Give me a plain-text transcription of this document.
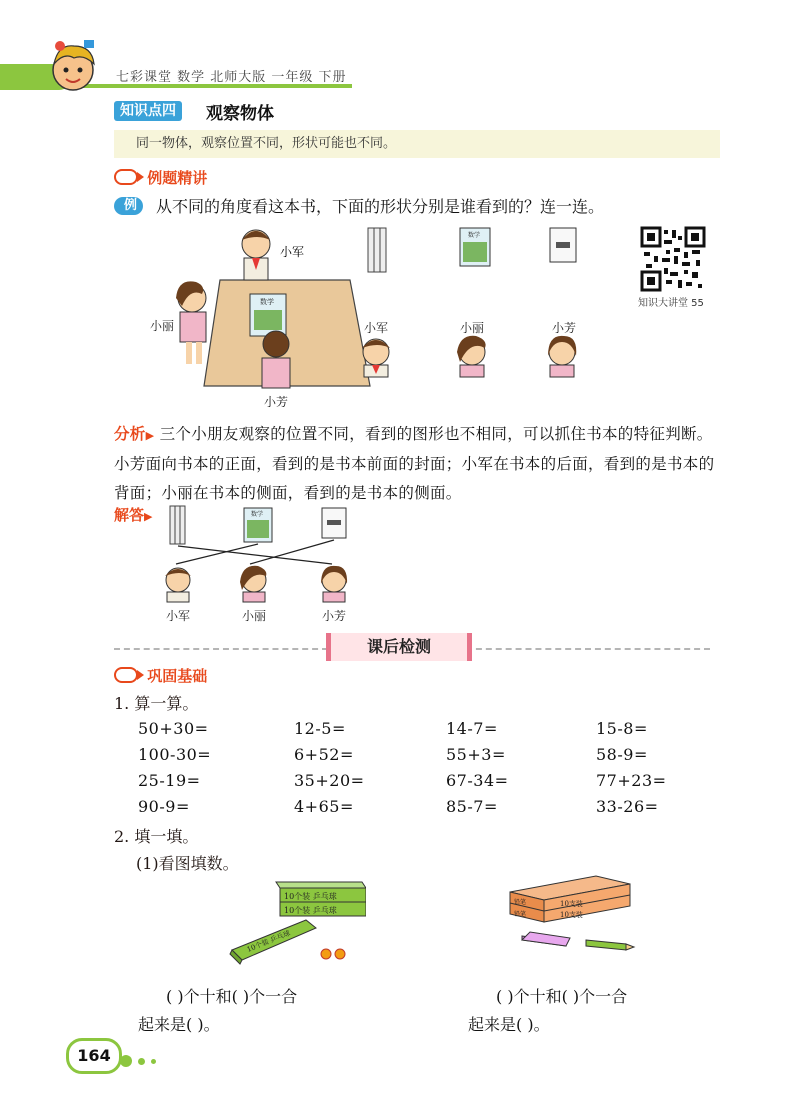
七彩课堂 数学 北师大版 一年级 下册
知识点四	观察物体
同一物体，观察位置不同，形状可能也不同。
例题精讲
例	从不同的角度看这本书，下面的形状分别是谁看到的？连一连。
数学
小军
小丽
小芳
数学
小军	小丽	小芳
知识大讲堂 55
分析▶ 三个小朋友观察的位置不同，看到的图形也不相同，可以抓住书本的特征判断。小芳面向书本的正面，看到的是书本前面的封面；小军在书本的后面，看到的是书本的背面；小丽在书本的侧面，看到的是书本的侧面。
解答▶	数学
小军	小丽	小芳
课后检测
巩固基础
1. 算一算。
50+30=	12-5=	14-7=	15-8=
100-30=	6+52=	55+3=	58-9=
25-19=	35+20=	67-34=	77+23=
90-9=	4+65=	85-7=	33-26=
2. 填一填。
(1)看图填数。
10个装 乒乓球
10个装 乒乓球
10个装 乒乓球
铅笔
铅笔
10支装
10支装
( )个十和( )个一合
起来是( )。
( )个十和( )个一合
起来是( )。
164
